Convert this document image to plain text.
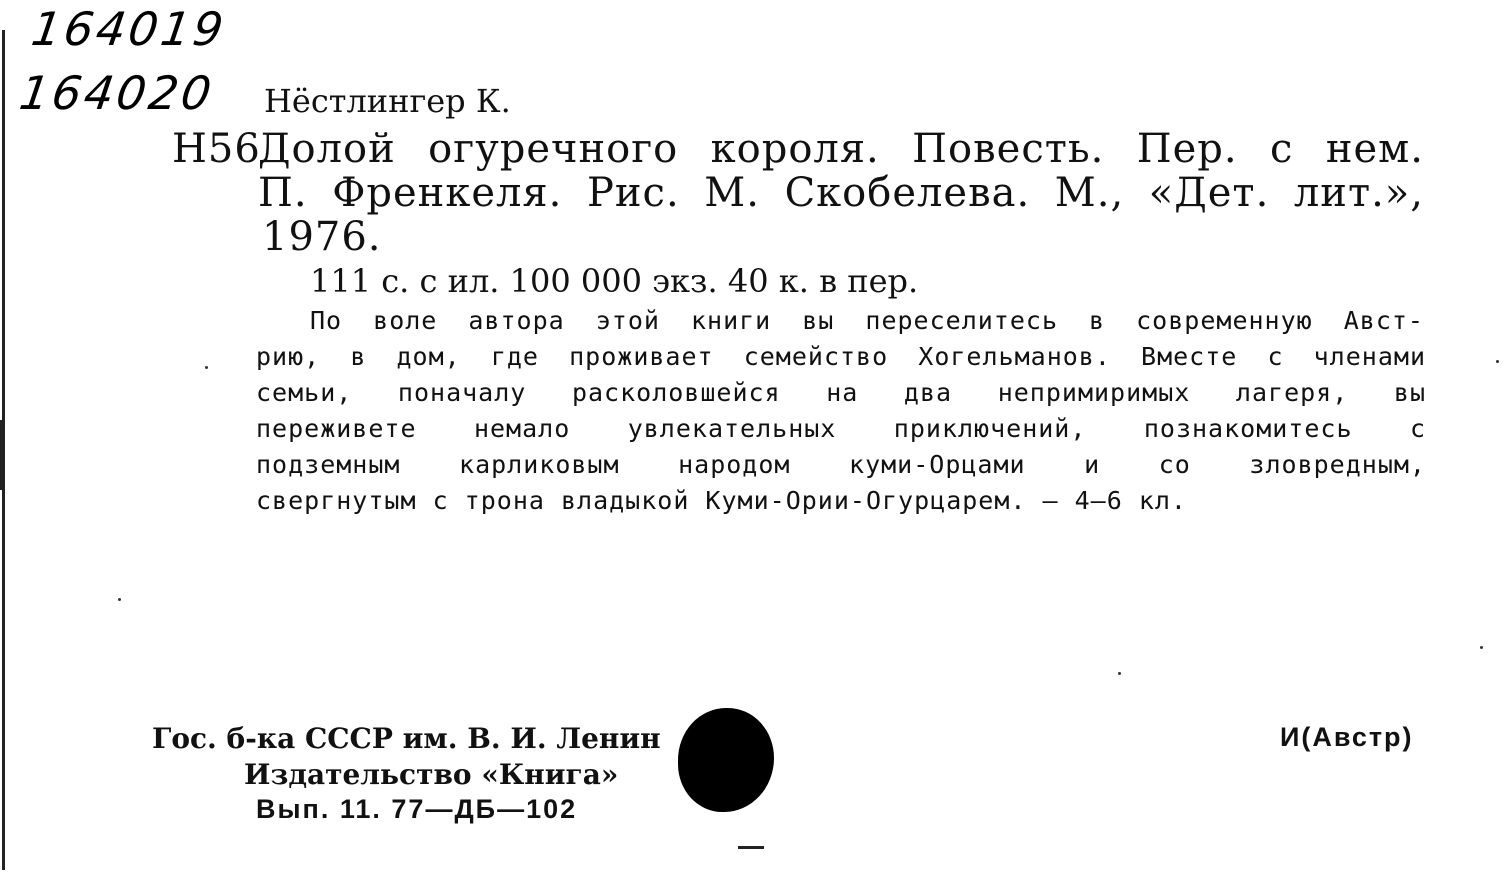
164019
164020 Нёстлингер К.
Н56
Долой огуречного короля. Повесть. Пер. с нем.
П. Френкеля. Рис. М. Скобелева. М., «Дет. лит.»,
1976.
111 с. с ил. 100 000 экз. 40 к. в пер.
По воле автора этой книги вы переселитесь в современную Авст-
рию, в дом, где проживает семейство Хогельманов. Вместе с членами
семьи, поначалу расколовшейся на два непримиримых лагеря, вы
переживете немало увлекательных приключений, познакомитесь с
подземным карликовым народом куми-Орцами и со зловредным,
свергнутым с трона владыкой Куми-Ории-Огурцарем. — 4—6 кл.
Гос. б-ка СССР им. В. И. Ленин
Издательство «Книга»
Вып. 11. 77—ДБ—102
И(Австр)
